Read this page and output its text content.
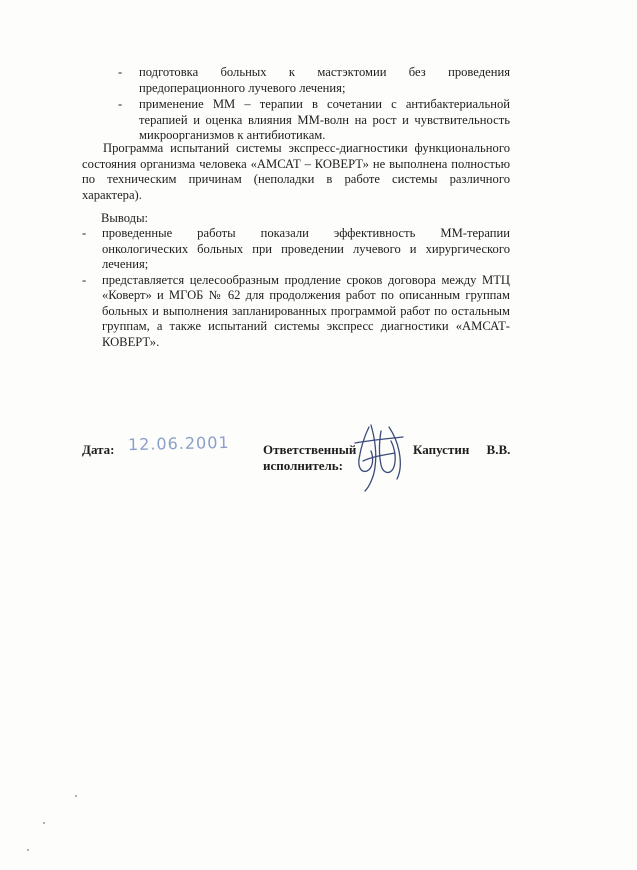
-	подготовка больных к мастэктомии без проведения предоперационного лучевого лечения;
-	применение ММ – терапии в сочетании с антибактериальной терапией и оценка влияния ММ-волн на рост и чувствительность микроорганизмов к антибиотикам.
Программа испытаний системы экспресс-диагностики функционального состояния организма человека «АМСАТ – КОВЕРТ» не выполнена полностью по техническим причинам (неполадки в работе системы различного характера).
Выводы:
-	проведенные работы показали эффективность ММ-терапии онкологических больных при проведении лучевого и хирургического лечения;
-	представляется целесообразным продление сроков договора между МТЦ «Коверт» и МГОБ № 62 для продолжения работ по описанным группам больных и выполнения запланированных программой работ по остальным группам, а также испытаний системы экспресс диагностики «АМСАТ-КОВЕРТ».
Дата: 12.06.2001	Ответственный
исполнитель:
Капустин В.В.
